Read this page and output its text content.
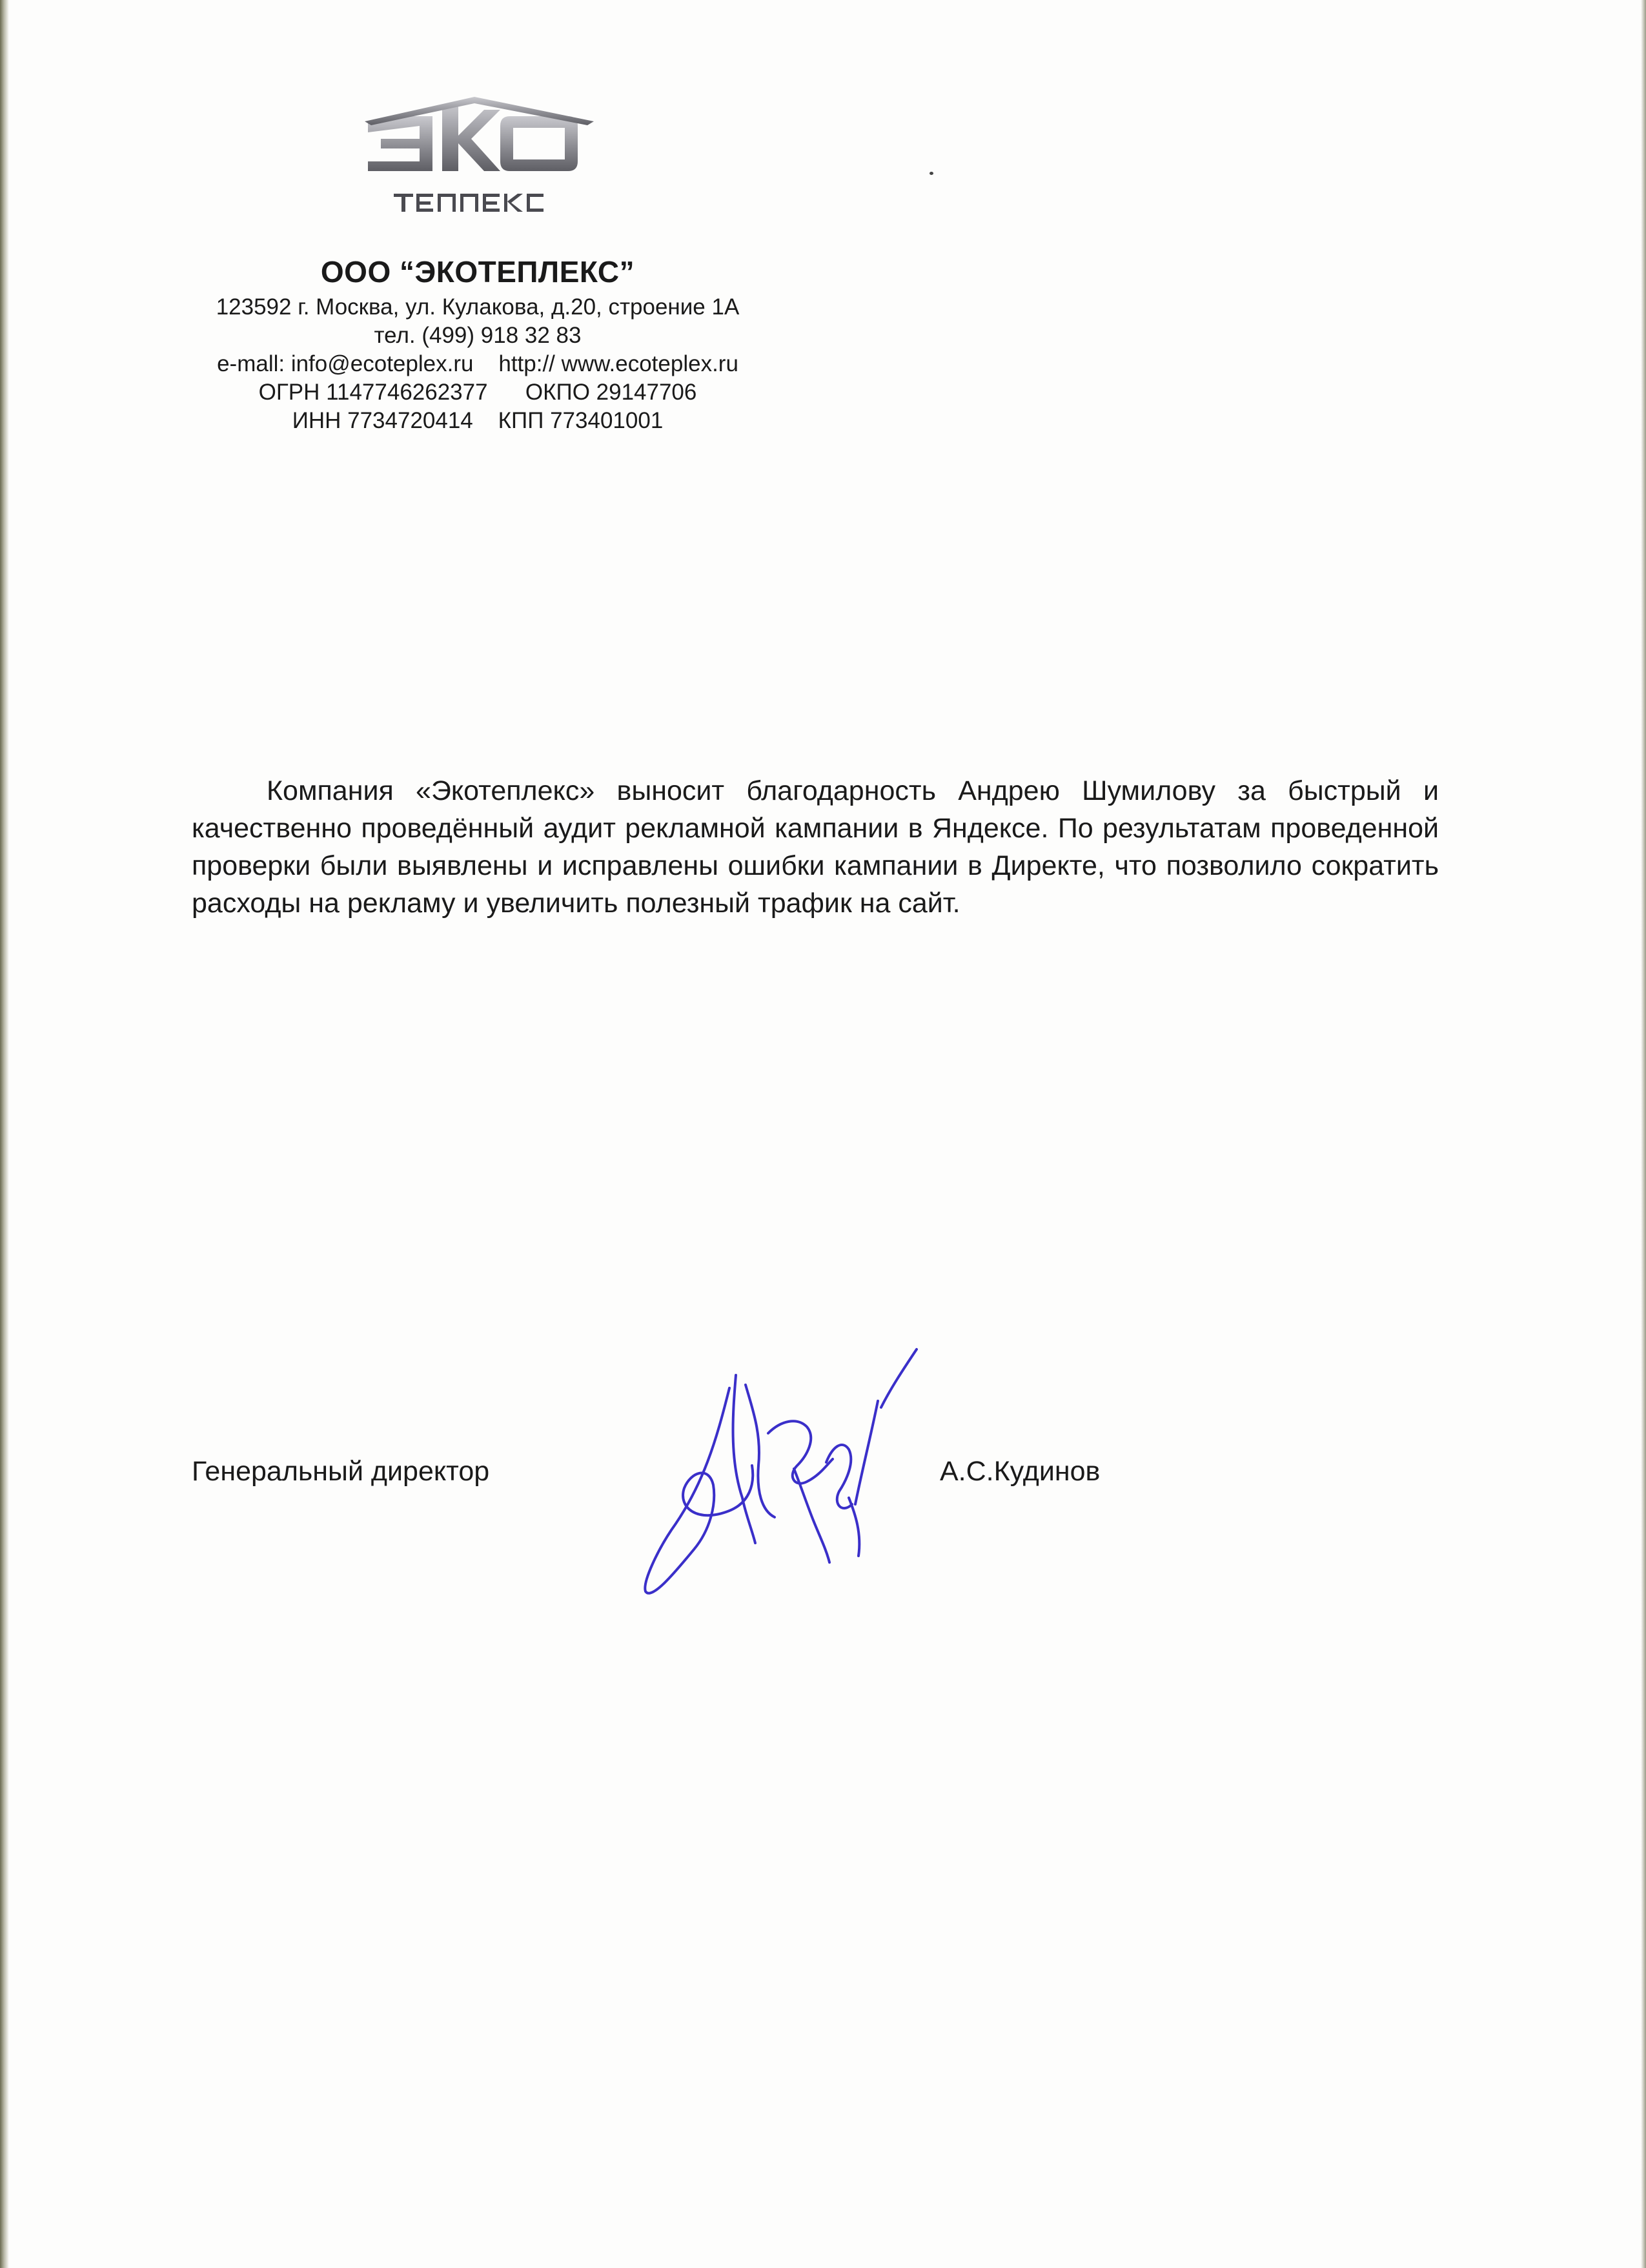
ООО “ЭКОТЕПЛЕКС”
123592 г. Москва, ул. Кулакова, д.20, строение 1А
тел. (499) 918 32 83
e-mall: info@ecoteplex.ru    http:// www.ecoteplex.ru
ОГРН 1147746262377      ОКПО 29147706
ИНН 7734720414    КПП 773401001
Компания «Экотеплекс» выносит благодарность Андрею Шумилову за быстрый и качественно проведённый аудит рекламной кампании в Яндексе. По результатам проведенной проверки были выявлены и исправлены ошибки кампании в Директе, что позволило сократить расходы на рекламу и увеличить полезный трафик на сайт.
Генеральный директор	А.С.Кудинов
